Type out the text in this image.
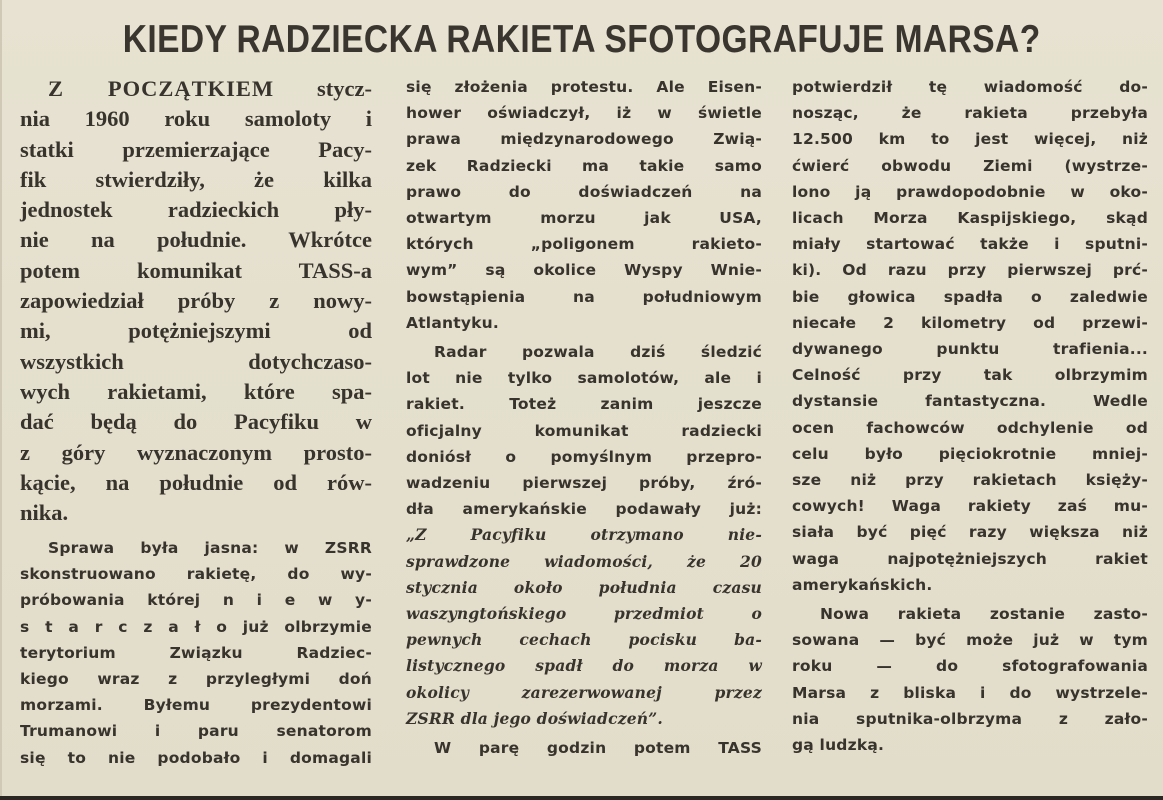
KIEDY RADZIECKA RAKIETA SFOTOGRAFUJE MARSA?
Z POCZĄTKIEM stycz-
nia 1960 roku samoloty i
statki przemierzające Pacy-
fik stwierdziły, że kilka
jednostek radzieckich pły-
nie na południe. Wkrótce
potem komunikat TASS-a
zapowiedział próby z nowy-
mi, potężniejszymi od
wszystkich dotychczaso-
wych rakietami, które spa-
dać będą do Pacyfiku w
z góry wyznaczonym prosto-
kącie, na południe od rów-
nika.
Sprawa była jasna: w ZSRR
skonstruowano rakietę, do wy-
próbowania której n i e w y-
s t a r c z a ł o już olbrzymie
terytorium Związku Radziec-
kiego wraz z przyległymi doń
morzami. Byłemu prezydentowi
Trumanowi i paru senatorom
się to nie podobało i domagali
się złożenia protestu. Ale Eisen-
hower oświadczył, iż w świetle
prawa międzynarodowego Zwią-
zek Radziecki ma takie samo
prawo do doświadczeń na
otwartym morzu jak USA,
których „poligonem rakieto-
wym” są okolice Wyspy Wnie-
bowstąpienia na południowym
Atlantyku.
Radar pozwala dziś śledzić
lot nie tylko samolotów, ale i
rakiet. Toteż zanim jeszcze
oficjalny komunikat radziecki
doniósł o pomyślnym przepro-
wadzeniu pierwszej próby, źró-
dła amerykańskie podawały już:
„Z Pacyfiku otrzymano nie-
sprawdzone wiadomości, że 20
stycznia około południa czasu
waszyngtońskiego przedmiot o
pewnych cechach pocisku ba-
listycznego spadł do morza w
okolicy zarezerwowanej przez
ZSRR dla jego doświadczeń”.
W parę godzin potem TASS
potwierdził tę wiadomość do-
nosząc, że rakieta przebyła
12.500 km to jest więcej, niż
ćwierć obwodu Ziemi (wystrze-
lono ją prawdopodobnie w oko-
licach Morza Kaspijskiego, skąd
miały startować także i sputni-
ki). Od razu przy pierwszej prć-
bie głowica spadła o zaledwie
niecałe 2 kilometry od przewi-
dywanego punktu trafienia...
Celność przy tak olbrzymim
dystansie fantastyczna. Wedle
ocen fachowców odchylenie od
celu było pięciokrotnie mniej-
sze niż przy rakietach księży-
cowych! Waga rakiety zaś mu-
siała być pięć razy większa niż
waga najpotężniejszych rakiet
amerykańskich.
Nowa rakieta zostanie zasto-
sowana — być może już w tym
roku — do sfotografowania
Marsa z bliska i do wystrzele-
nia sputnika-olbrzyma z zało-
gą ludzką.
